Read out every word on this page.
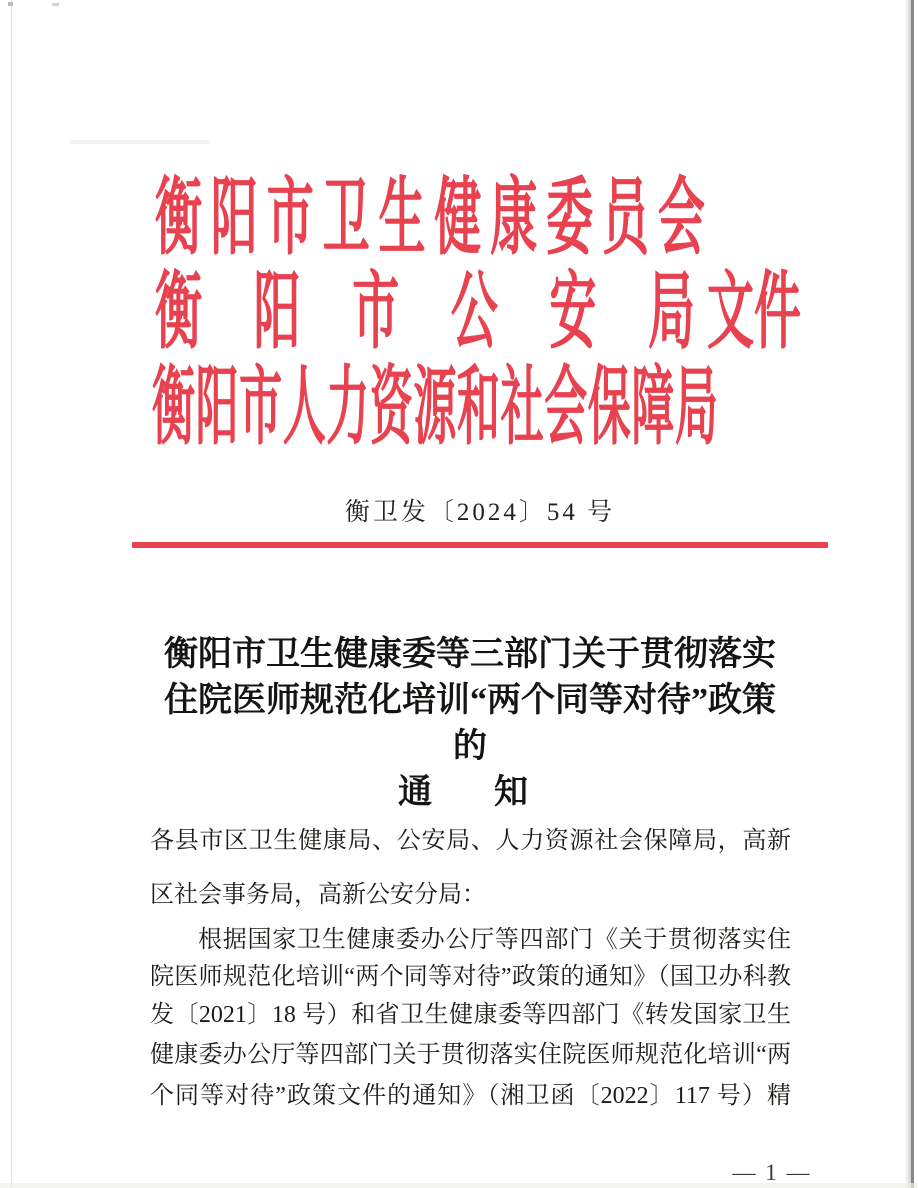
衡 阳 市 卫 生 健 康 委 员 会
衡 阳 市 公 安 局 文 件
衡 阳 市 人 力 资 源 和 社 会 保 障 局
衡卫发〔2024〕54 号
衡阳市卫生健康委等三部门关于贯彻落实
住院医师规范化培训“两个同等对待”政策的
通　知
各县市区卫生健康局、公安局、人力资源社会保障局，高新
区社会事务局，高新公安分局：
根据国家卫生健康委办公厅等四部门《关于贯彻落实住
院医师规范化培训“两个同等对待”政策的通知》（国卫办科教
发〔2021〕18 号）和省卫生健康委等四部门《转发国家卫生
健康委办公厅等四部门关于贯彻落实住院医师规范化培训“两
个同等对待”政策文件的通知》（湘卫函〔2022〕117 号）精
— 1 —
